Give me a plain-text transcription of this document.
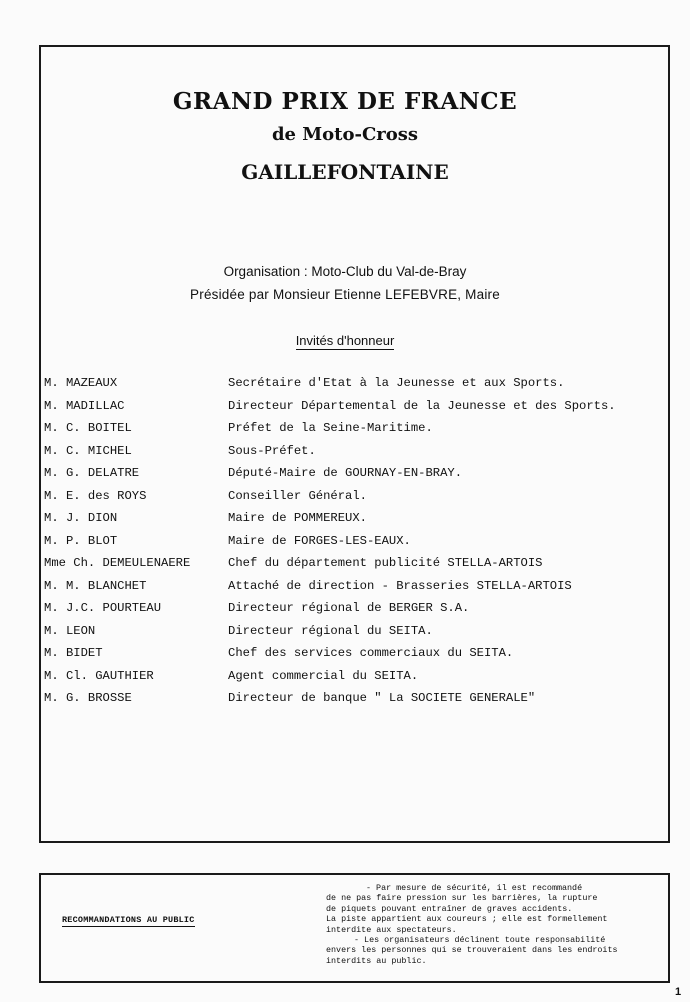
GRAND PRIX DE FRANCE
de Moto-Cross
GAILLEFONTAINE
Organisation : Moto-Club du Val-de-Bray
Présidée par Monsieur Etienne LEFEBVRE, Maire
Invités d'honneur
M. MAZEAUX	Secrétaire d'Etat à la Jeunesse et aux Sports.
M. MADILLAC	Directeur Départemental de la Jeunesse et des Sports.
M. C. BOITEL	Préfet de la Seine-Maritime.
M. C. MICHEL	Sous-Préfet.
M. G. DELATRE	Député-Maire de GOURNAY-EN-BRAY.
M. E. des ROYS	Conseiller Général.
M. J. DION	Maire de POMMEREUX.
M. P. BLOT	Maire de FORGES-LES-EAUX.
Mme Ch. DEMEULENAERE	Chef du département publicité STELLA-ARTOIS
M. M. BLANCHET	Attaché de direction - Brasseries STELLA-ARTOIS
M. J.C. POURTEAU	Directeur régional de BERGER S.A.
M. LEON	Directeur régional du SEITA.
M. BIDET	Chef des services commerciaux du SEITA.
M. Cl. GAUTHIER	Agent commercial du SEITA.
M. G. BROSSE	Directeur de banque " La SOCIETE GENERALE"
RECOMMANDATIONS AU PUBLIC

- Par mesure de sécurité, il est recommandé

de ne pas faire pression sur les barrières, la rupture

de piquets pouvant entraîner de graves accidents.

La piste appartient aux coureurs ; elle est formellement

interdite aux spectateurs.

- Les organisateurs déclinent toute responsabilité

envers les personnes qui se trouveraient dans les endroits

interdits au public.

1
